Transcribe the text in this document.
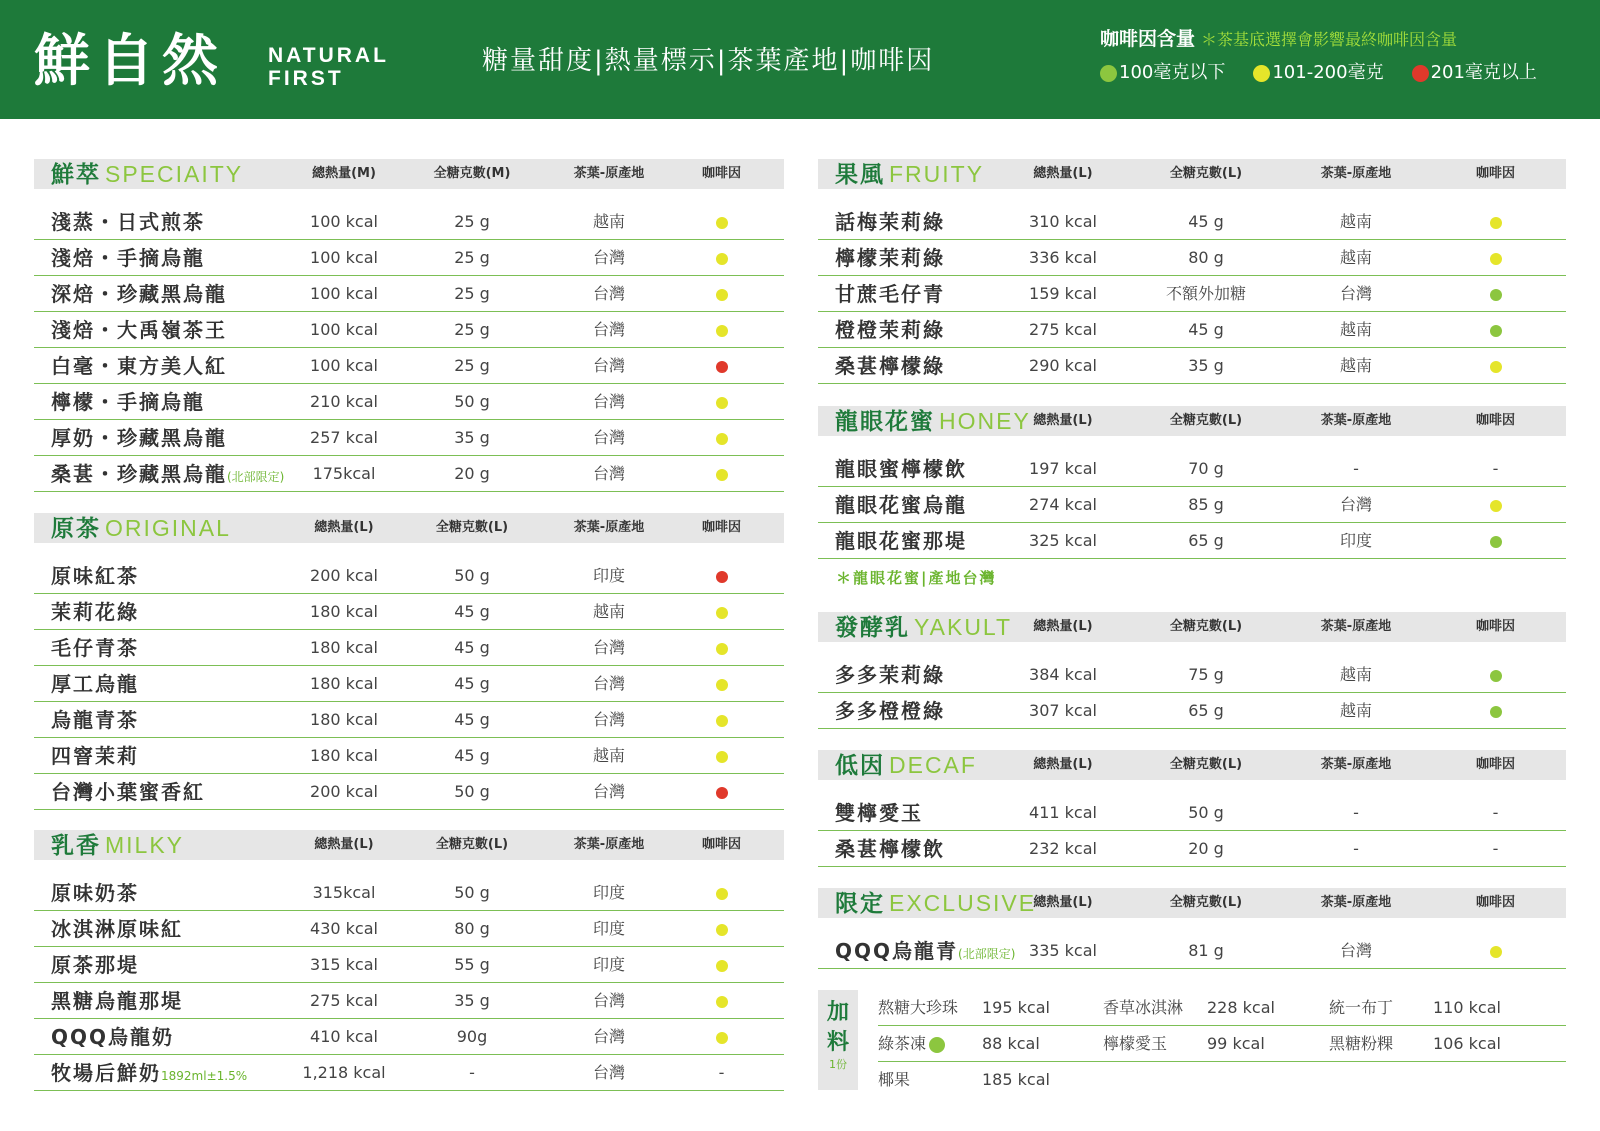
鮮自然 NATURAL
FIRST
糖量甜度|熱量標示|茶葉產地|咖啡因
咖啡因含量 ＊茶基底選擇會影響最終咖啡因含量
100毫克以下	101-200毫克	201毫克以上
鮮萃 SPECIAITY	總熱量(M)	全糖克數(M)	茶葉-原產地	咖啡因
淺蒸・日式煎茶	100 kcal	25 g	越南
淺焙・手摘烏龍	100 kcal	25 g	台灣
深焙・珍藏黑烏龍	100 kcal	25 g	台灣
淺焙・大禹嶺茶王	100 kcal	25 g	台灣
白毫・東方美人紅	100 kcal	25 g	台灣
檸檬・手摘烏龍	210 kcal	50 g	台灣
厚奶・珍藏黑烏龍	257 kcal	35 g	台灣
桑葚・珍藏黑烏龍(北部限定)	175kcal	20 g	台灣
原茶 ORIGINAL	總熱量(L)	全糖克數(L)	茶葉-原產地	咖啡因
原味紅茶	200 kcal	50 g	印度
茉莉花綠	180 kcal	45 g	越南
毛仔青茶	180 kcal	45 g	台灣
厚工烏龍	180 kcal	45 g	台灣
烏龍青茶	180 kcal	45 g	台灣
四窨茉莉	180 kcal	45 g	越南
台灣小葉蜜香紅	200 kcal	50 g	台灣
乳香 MILKY	總熱量(L)	全糖克數(L)	茶葉-原產地	咖啡因
原味奶茶	315kcal	50 g	印度
冰淇淋原味紅	430 kcal	80 g	印度
原茶那堤	315 kcal	55 g	印度
黑糖烏龍那堤	275 kcal	35 g	台灣
QQQ烏龍奶	410 kcal	90g	台灣
牧場后鮮奶1892ml±1.5%	1,218 kcal	-	台灣	-
果風 FRUITY	總熱量(L)	全糖克數(L)	茶葉-原產地	咖啡因
話梅茉莉綠	310 kcal	45 g	越南
檸檬茉莉綠	336 kcal	80 g	越南
甘蔗毛仔青	159 kcal	不額外加糖	台灣
橙橙茉莉綠	275 kcal	45 g	越南
桑葚檸檬綠	290 kcal	35 g	越南
龍眼花蜜 HONEY 總熱量(L)	全糖克數(L)	茶葉-原產地	咖啡因
龍眼蜜檸檬飲	197 kcal	70 g	-	-
龍眼花蜜烏龍	274 kcal	85 g	台灣
龍眼花蜜那堤	325 kcal	65 g	印度
＊龍眼花蜜|產地台灣
發酵乳 YAKULT	總熱量(L)	全糖克數(L)	茶葉-原產地	咖啡因
多多茉莉綠	384 kcal	75 g	越南
多多橙橙綠	307 kcal	65 g	越南
低因 DECAF	總熱量(L)	全糖克數(L)	茶葉-原產地	咖啡因
雙檸愛玉	411 kcal	50 g	-	-
桑葚檸檬飲	232 kcal	20 g	-	-
限定 EXCLUSIVE
總熱量(L)	全糖克數(L)	茶葉-原產地	咖啡因
QQQ烏龍青(北部限定) 335 kcal	81 g	台灣
加
料
1份
熬糖大珍珠 195 kcal	香草冰淇淋 228 kcal	統一布丁 110 kcal
綠茶凍	88 kcal	檸檬愛玉 99 kcal	黑糖粉粿 106 kcal
椰果	185 kcal
